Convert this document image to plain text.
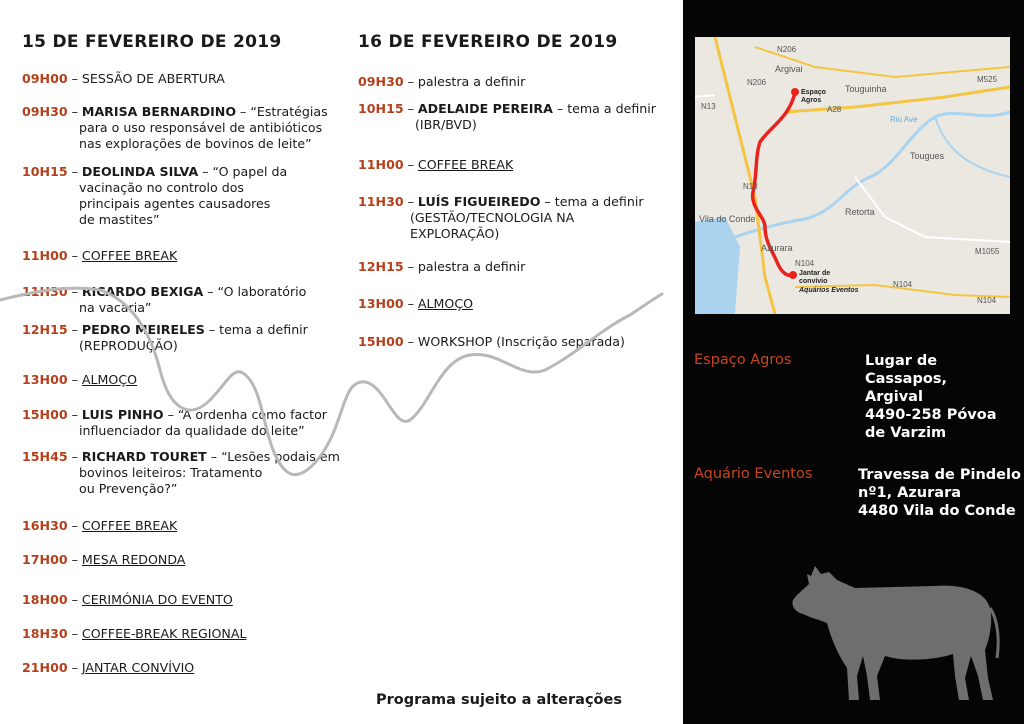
15 DE FEVEREIRO DE 2019
09H00 – SESSÃO DE ABERTURA
09H30 – MARISA BERNARDINO – “Estratégias
para o uso responsável de antibióticos
nas explorações de bovinos de leite”
10H15 – DEOLINDA SILVA – “O papel da
vacinação no controlo dos
principais agentes causadores
de mastites”
11H00 – COFFEE BREAK
11H30 – RICARDO BEXIGA – “O laboratório
na vacaria”
12H15 – PEDRO MEIRELES – tema a definir
(REPRODUÇÃO)
13H00 – ALMOÇO
15H00 – LUIS PINHO – “A ordenha como factor
influenciador da qualidade do leite”
15H45 – RICHARD TOURET – “Lesões podais em
bovinos leiteiros: Tratamento
ou Prevenção?”
16H30 – COFFEE BREAK
17H00 – MESA REDONDA
18H00 – CERIMÓNIA DO EVENTO
18H30 – COFFEE-BREAK REGIONAL
21H00 – JANTAR CONVÍVIO
16 DE FEVEREIRO DE 2019
09H30 – palestra a definir
10H15 – ADELAIDE PEREIRA – tema a definir
(IBR/BVD)
11H00 – COFFEE BREAK
11H30 – LUÍS FIGUEIREDO – tema a definir
(GESTÃO/TECNOLOGIA NA
EXPLORAÇÃO)
12H15 – palestra a definir
13H00 – ALMOÇO
15H00 – WORKSHOP (Inscrição separada)
N206
N206
Argivai
Touguinha
M525
N13	A28
Rio Ave
Tougues
N13
Vila do Conde
Retorta
Azurara
N104
M1055
N104
N104
Espaço
Agros
Jantar de
convívio
Aquários Eventos
Espaço Agros	Lugar de Cassapos,
Argival
4490-258 Póvoa
de Varzim
Aquário Eventos	Travessa de Pindelo
nº1, Azurara
4480 Vila do Conde
Programa sujeito a alterações
